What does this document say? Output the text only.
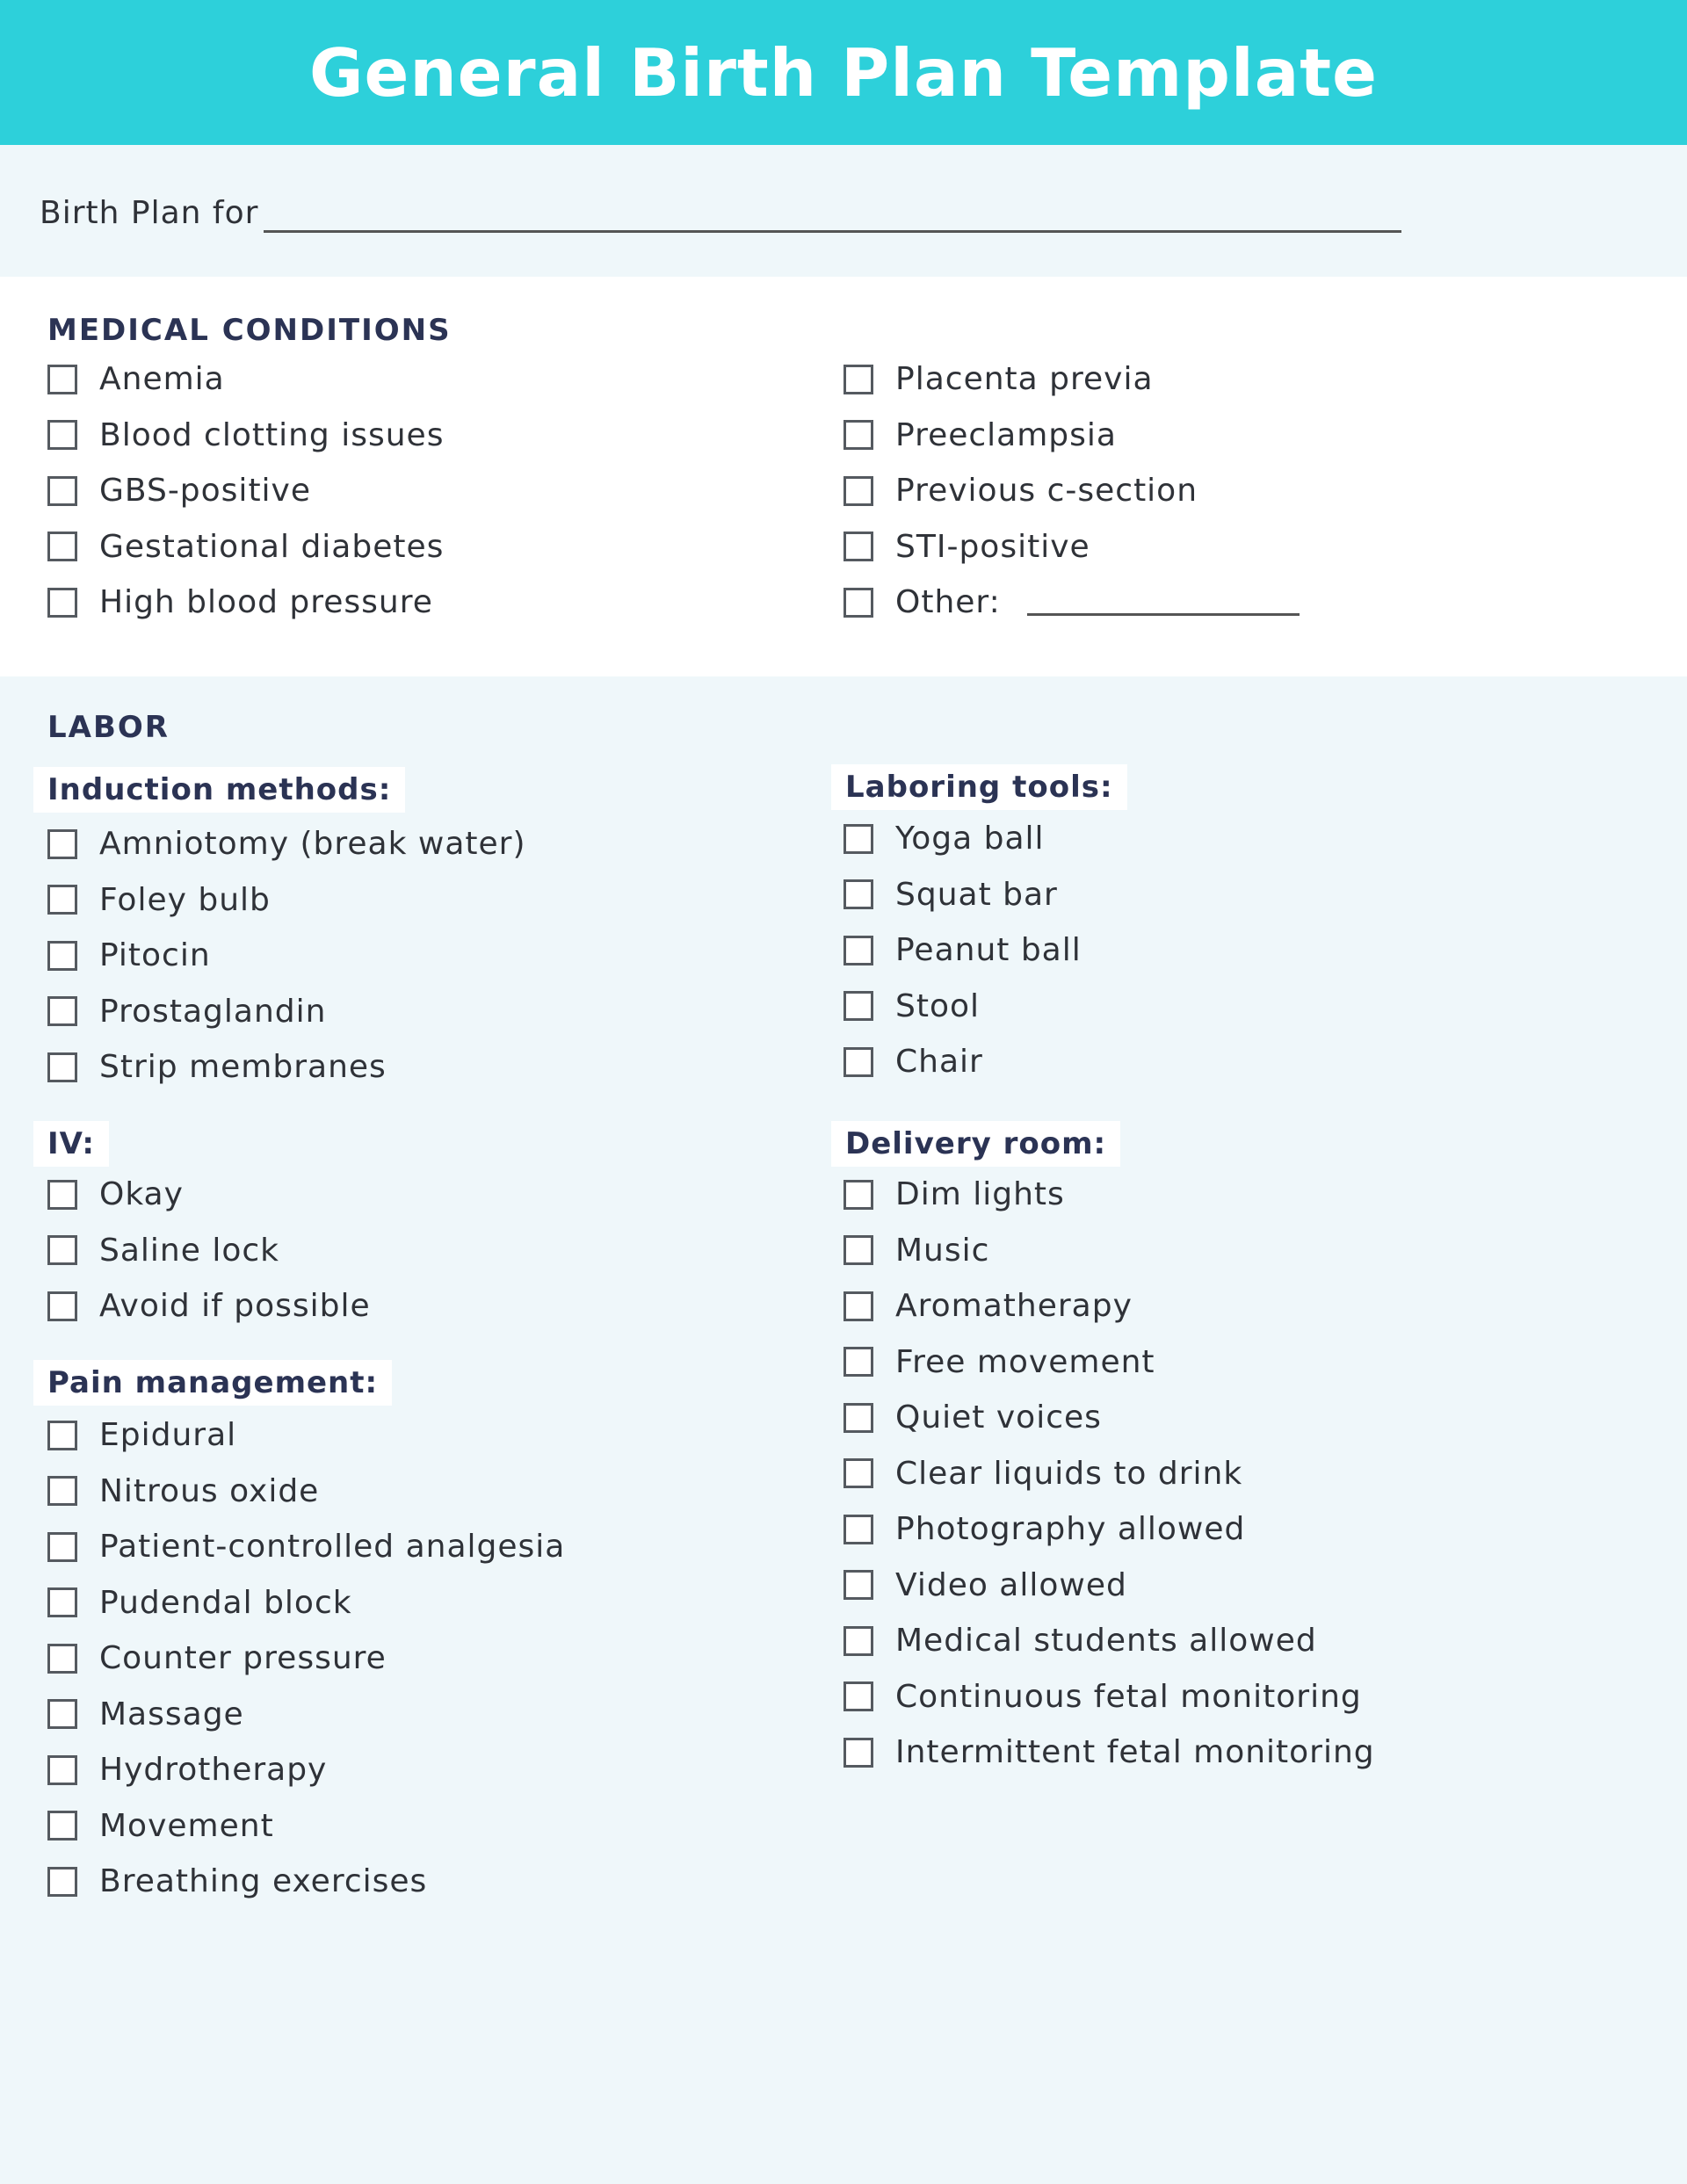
General Birth Plan Template
Birth Plan for
MEDICAL CONDITIONS
Anemia
Blood clotting issues
GBS-positive
Gestational diabetes
High blood pressure
Placenta previa
Preeclampsia
Previous c-section
STI-positive
Other:
LABOR
Induction methods:
Amniotomy (break water)
Foley bulb
Pitocin
Prostaglandin
Strip membranes
IV:
Okay
Saline lock
Avoid if possible
Pain management:
Epidural
Nitrous oxide
Patient-controlled analgesia
Pudendal block
Counter pressure
Massage
Hydrotherapy
Movement
Breathing exercises
Laboring tools:
Yoga ball
Squat bar
Peanut ball
Stool
Chair
Delivery room:
Dim lights
Music
Aromatherapy
Free movement
Quiet voices
Clear liquids to drink
Photography allowed
Video allowed
Medical students allowed
Continuous fetal monitoring
Intermittent fetal monitoring
